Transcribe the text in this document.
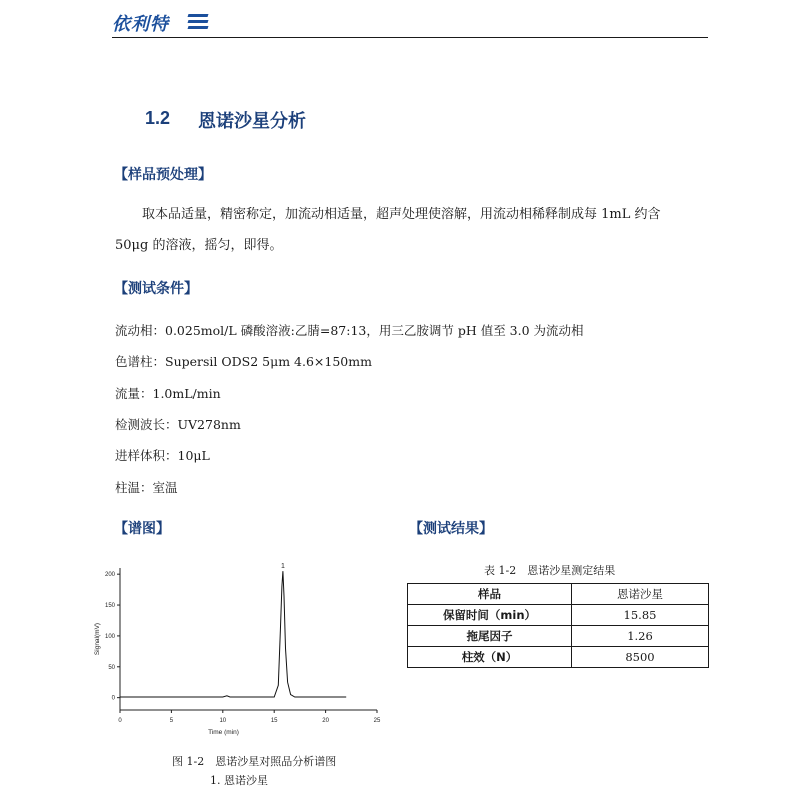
依利特
1.2 恩诺沙星分析
【样品预处理】
取本品适量，精密称定，加流动相适量，超声处理使溶解，用流动相稀释制成每 1mL 约含
50μg 的溶液，摇匀，即得。
【测试条件】
流动相：0.025mol/L 磷酸溶液:乙腈=87:13，用三乙胺调节 pH 值至 3.0 为流动相
色谱柱：Supersil ODS2 5μm 4.6×150mm
流量：1.0mL/min
检测波长：UV278nm
进样体积：10μL
柱温：室温
【谱图】
0	5	10	15	20	25
0
50
100
150
200
Time (min)
Signal(mV)
1
图 1-2　恩诺沙星对照品分析谱图
1. 恩诺沙星
【测试结果】
表 1-2　恩诺沙星测定结果
样品	恩诺沙星
保留时间（min）	15.85
拖尾因子	1.26
柱效（N）	8500
